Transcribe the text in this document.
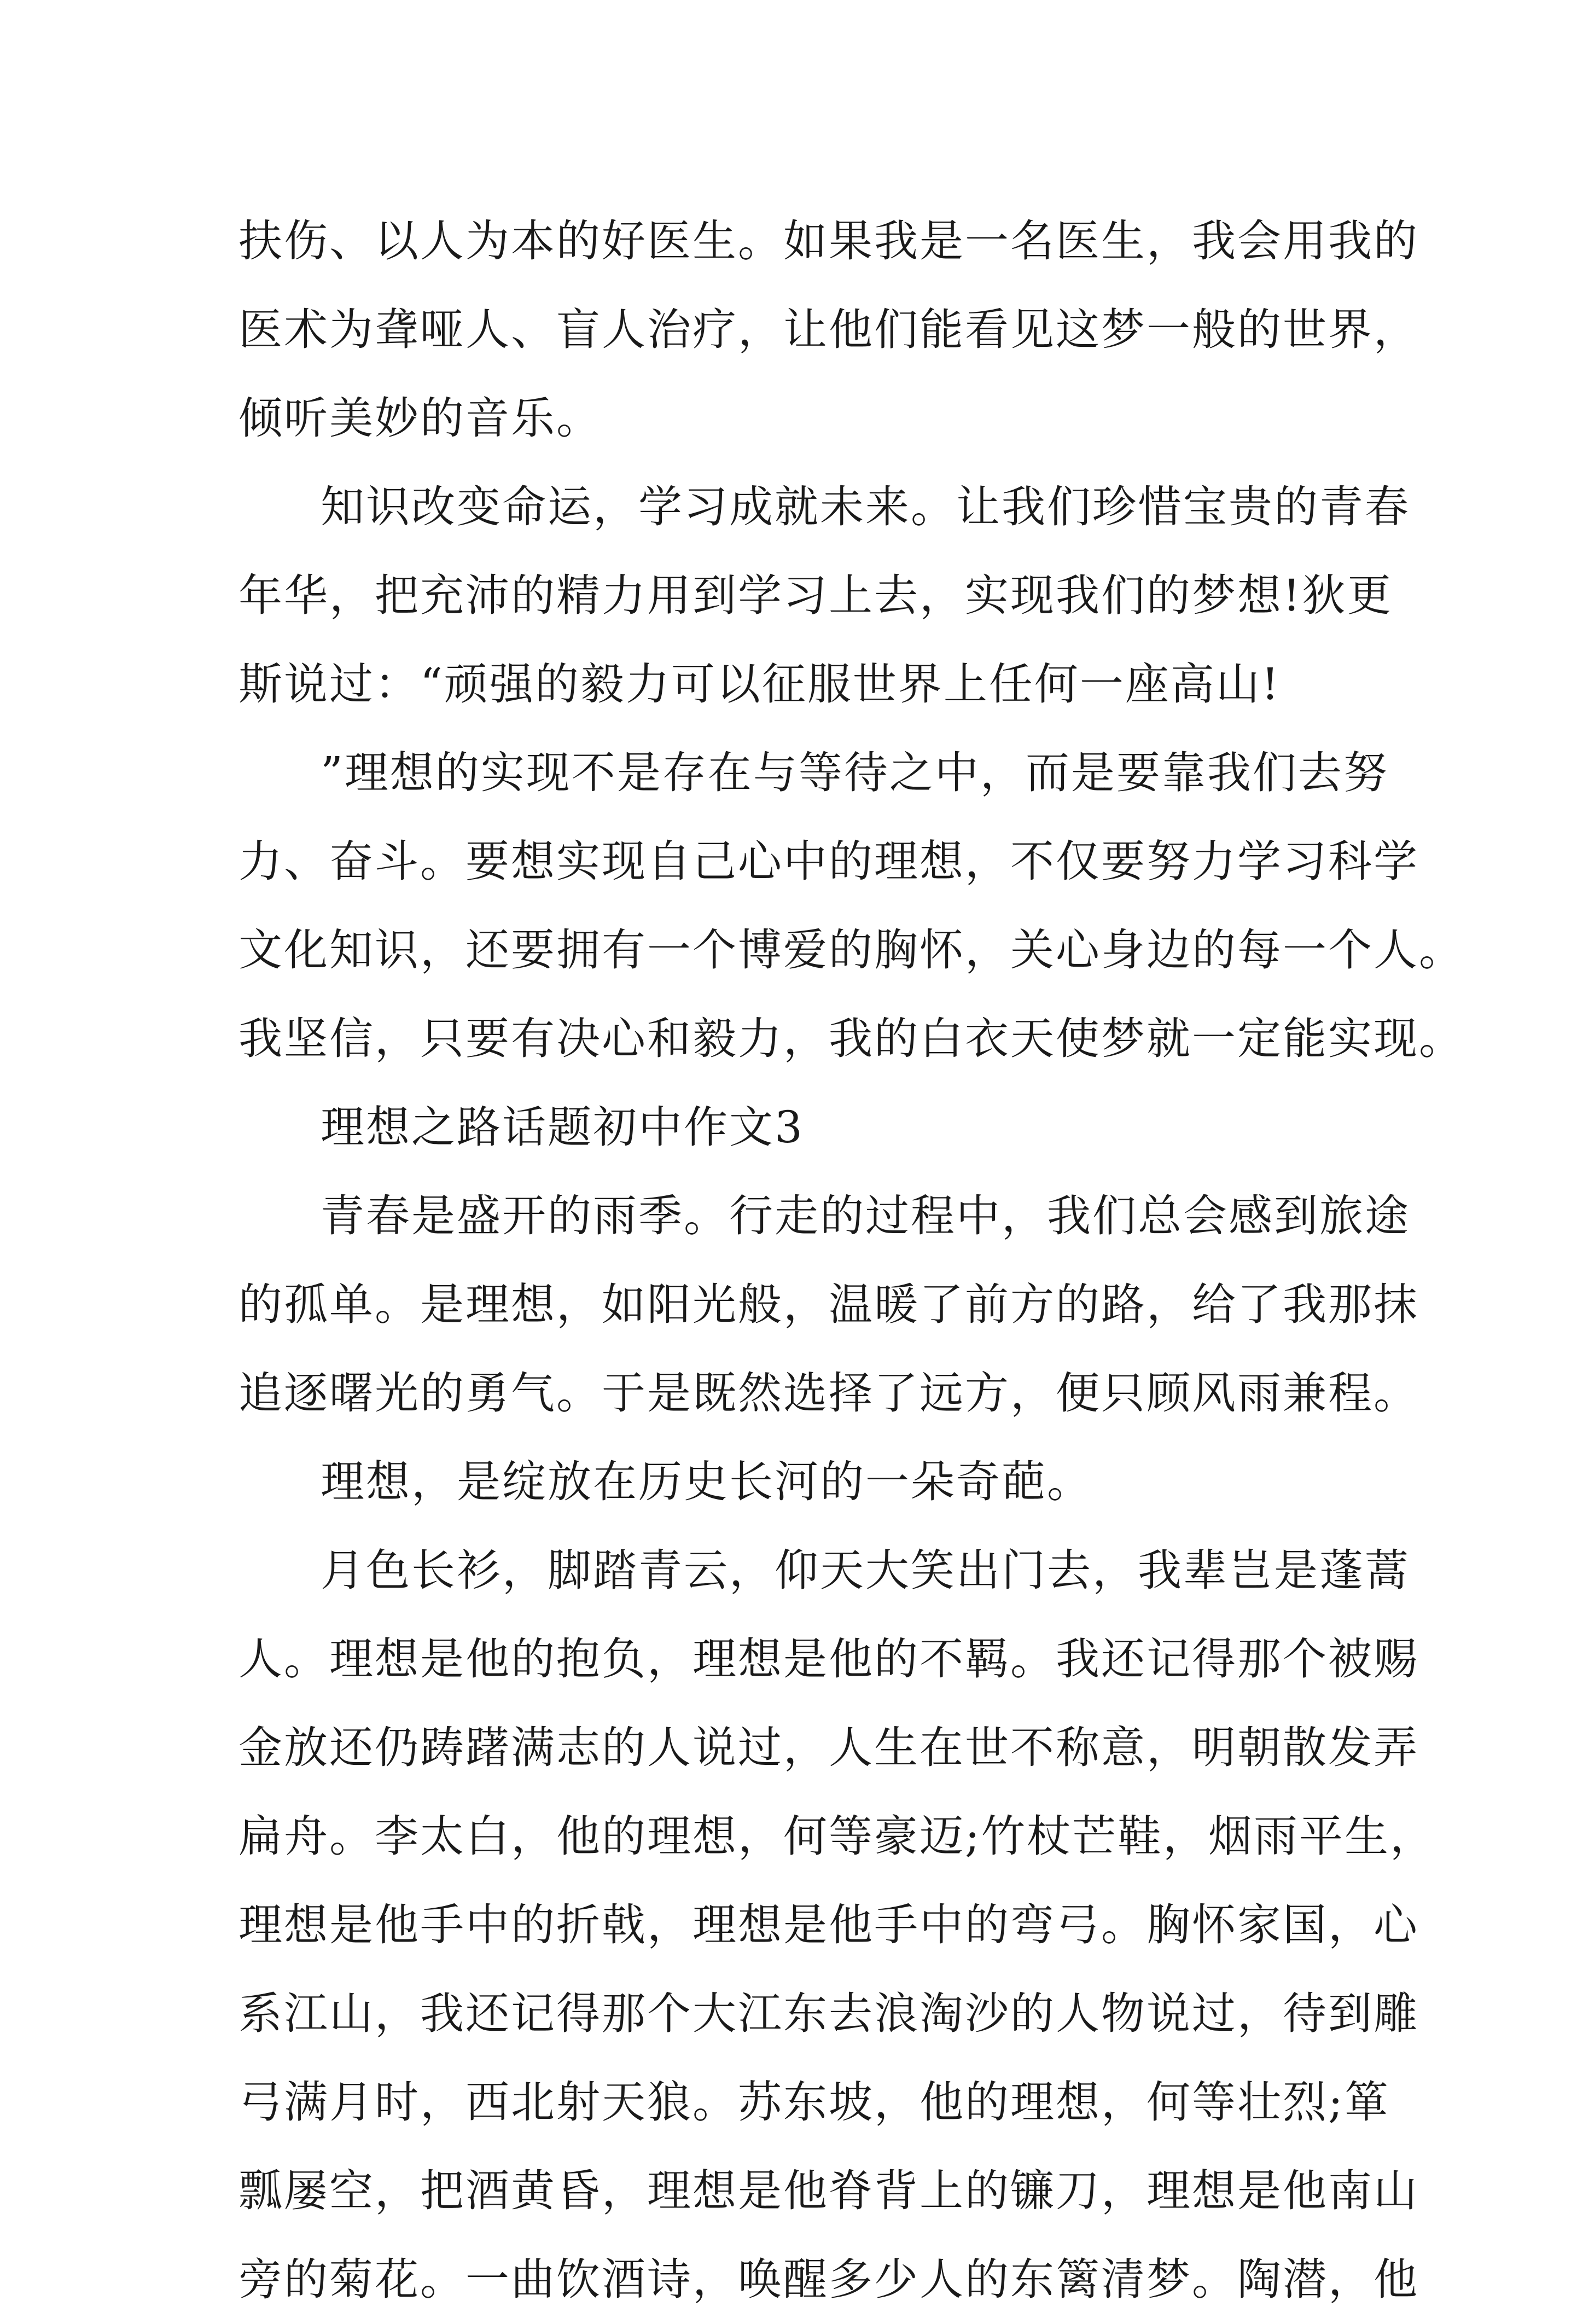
扶伤、以人为本的好医生。如果我是一名医生，我会用我的
医术为聋哑人、盲人治疗，让他们能看见这梦一般的世界，
倾听美妙的音乐。
知识改变命运，学习成就未来。让我们珍惜宝贵的青春
年华，把充沛的精力用到学习上去，实现我们的梦想!狄更
斯说过：“顽强的毅力可以征服世界上任何一座高山!
”理想的实现不是存在与等待之中，而是要靠我们去努
力、奋斗。要想实现自己心中的理想，不仅要努力学习科学
文化知识，还要拥有一个博爱的胸怀，关心身边的每一个人。
我坚信，只要有决心和毅力，我的白衣天使梦就一定能实现。
理想之路话题初中作文3
青春是盛开的雨季。行走的过程中，我们总会感到旅途
的孤单。是理想，如阳光般，温暖了前方的路，给了我那抹
追逐曙光的勇气。于是既然选择了远方，便只顾风雨兼程。
理想，是绽放在历史长河的一朵奇葩。
月色长衫，脚踏青云，仰天大笑出门去，我辈岂是蓬蒿
人。理想是他的抱负，理想是他的不羁。我还记得那个被赐
金放还仍踌躇满志的人说过，人生在世不称意，明朝散发弄
扁舟。李太白，他的理想，何等豪迈;竹杖芒鞋，烟雨平生，
理想是他手中的折戟，理想是他手中的弯弓。胸怀家国，心
系江山，我还记得那个大江东去浪淘沙的人物说过，待到雕
弓满月时，西北射天狼。苏东坡，他的理想，何等壮烈;箪
瓢屡空，把酒黄昏，理想是他脊背上的镰刀，理想是他南山
旁的菊花。一曲饮酒诗，唤醒多少人的东篱清梦。陶潜，他
